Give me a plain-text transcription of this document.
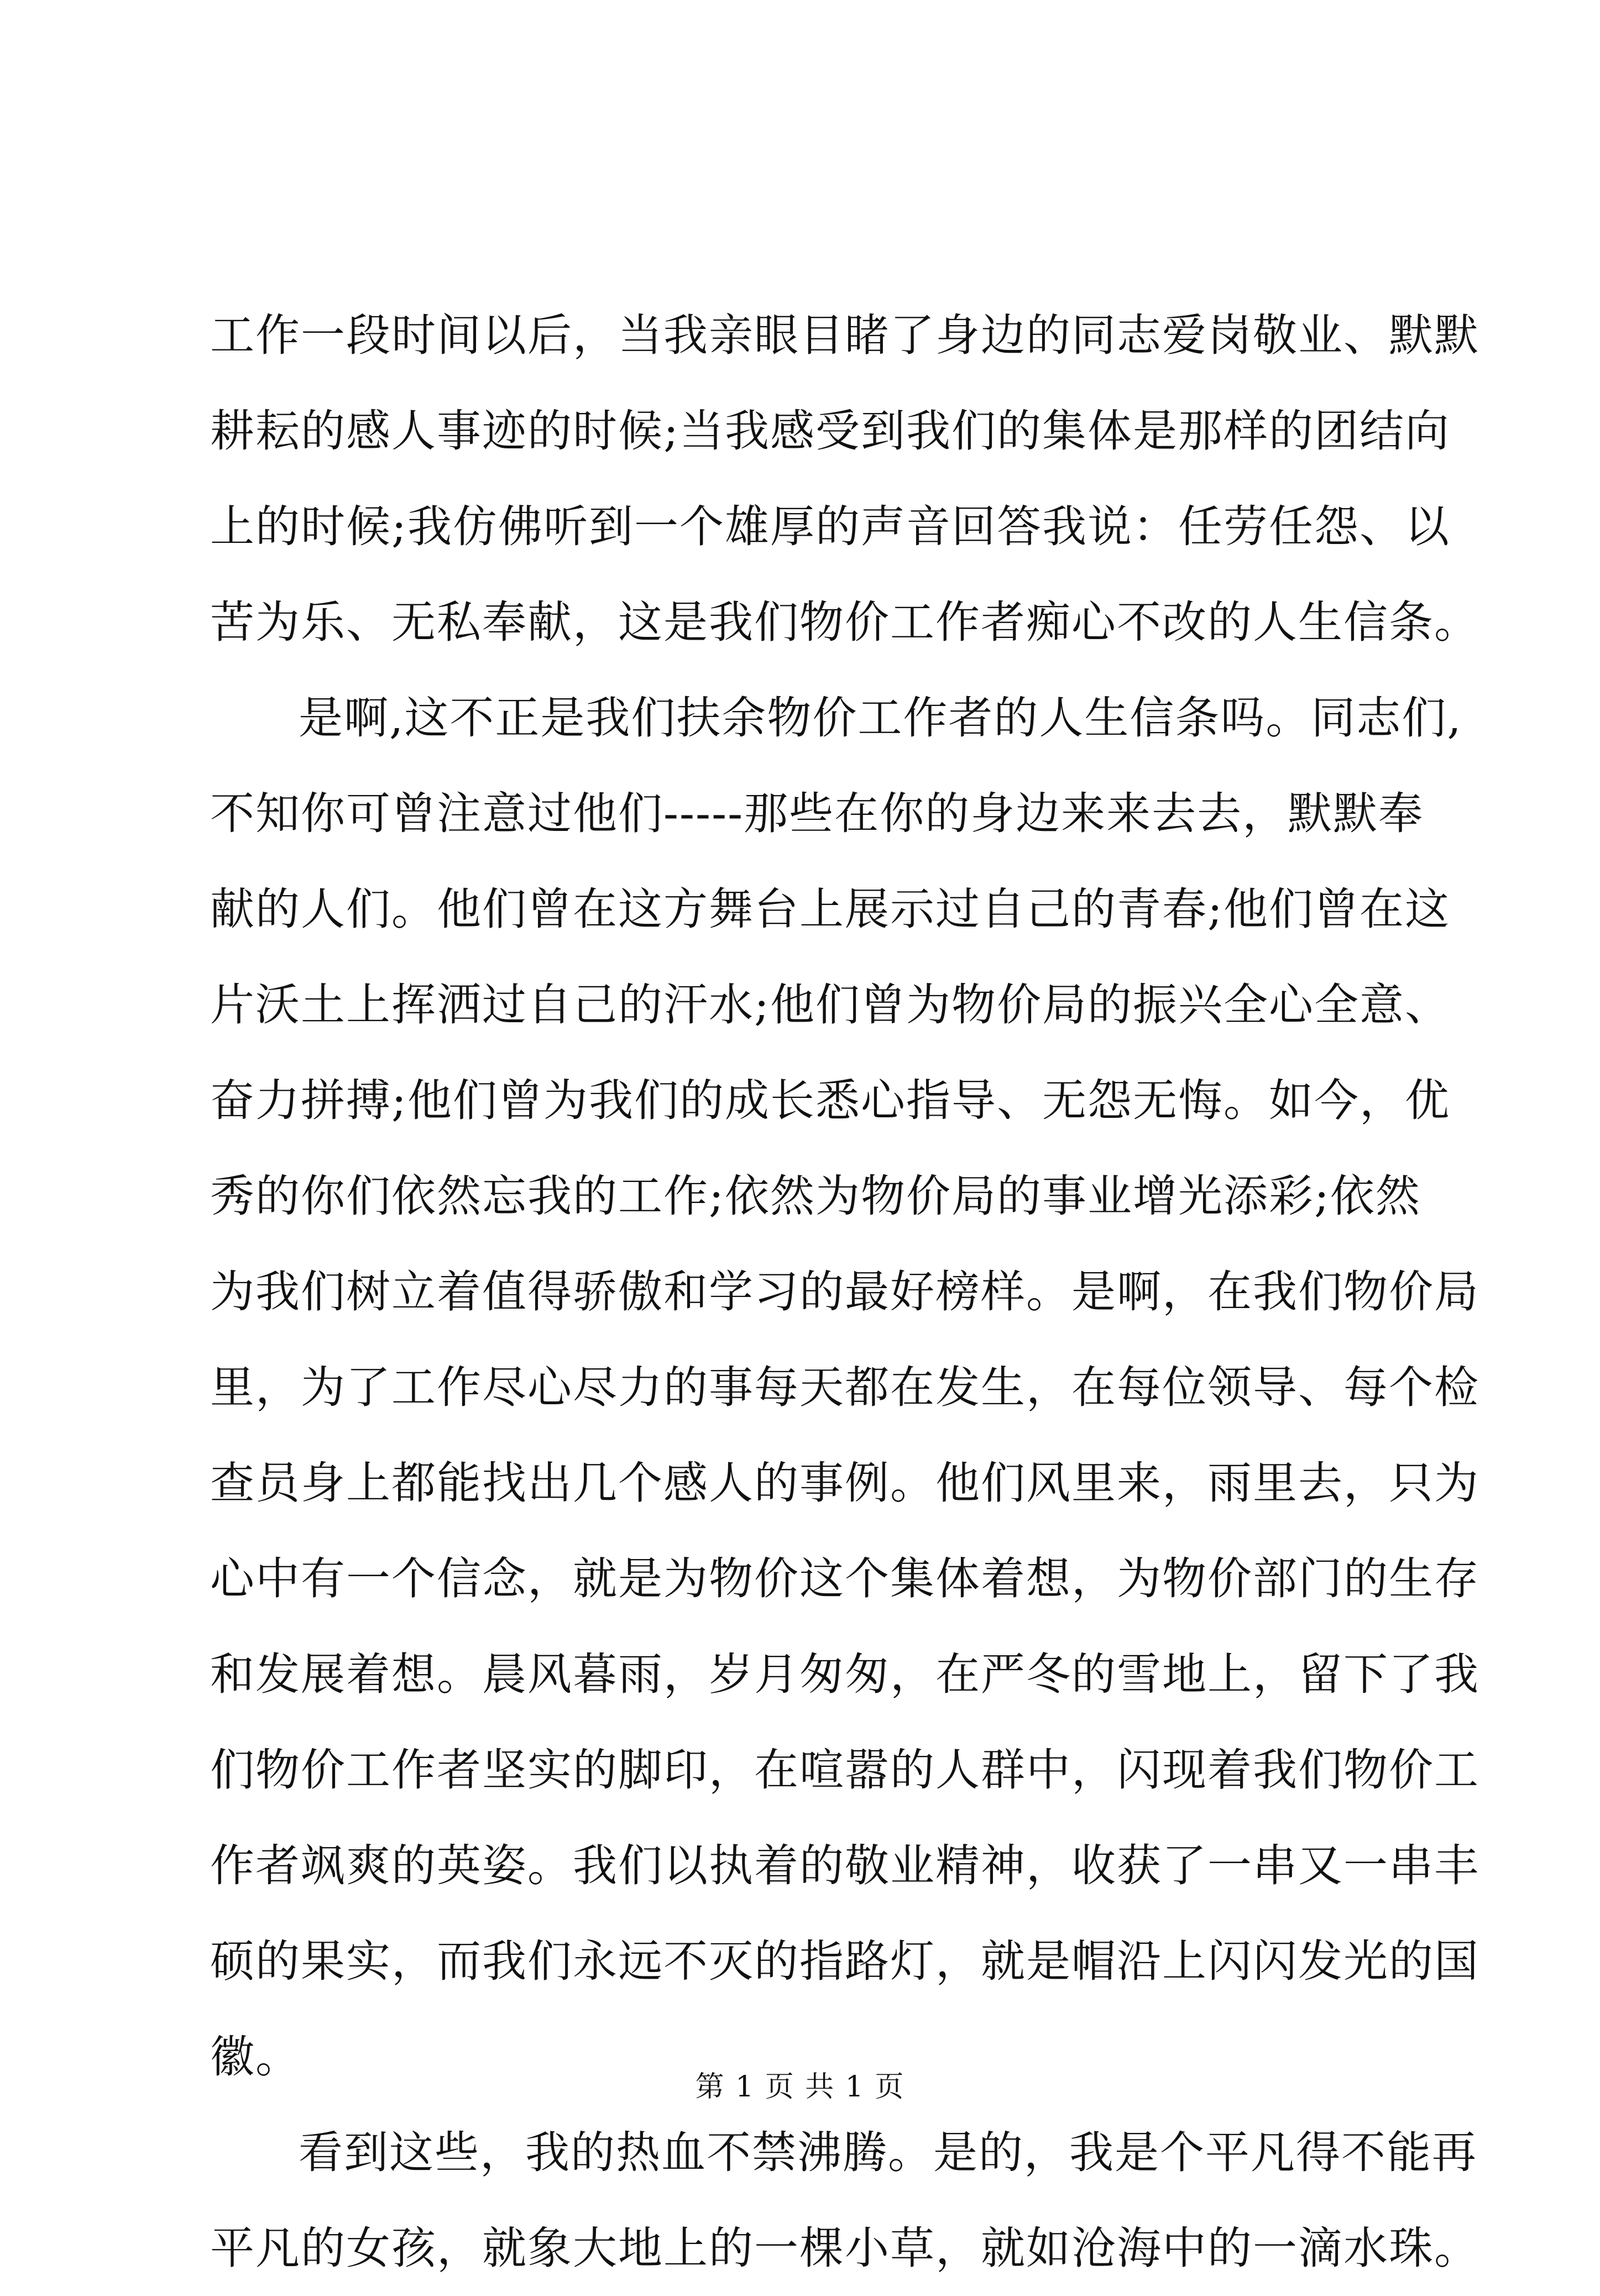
工作一段时间以后，当我亲眼目睹了身边的同志爱岗敬业、默默
耕耘的感人事迹的时候;当我感受到我们的集体是那样的团结向
上的时候;我仿佛听到一个雄厚的声音回答我说：任劳任怨、以
苦为乐、无私奉献，这是我们物价工作者痴心不改的人生信条。
是啊,这不正是我们扶余物价工作者的人生信条吗。同志们,
不知你可曾注意过他们-----那些在你的身边来来去去，默默奉
献的人们。他们曾在这方舞台上展示过自己的青春;他们曾在这
片沃土上挥洒过自己的汗水;他们曾为物价局的振兴全心全意、
奋力拼搏;他们曾为我们的成长悉心指导、无怨无悔。如今，优
秀的你们依然忘我的工作;依然为物价局的事业增光添彩;依然
为我们树立着值得骄傲和学习的最好榜样。是啊，在我们物价局
里，为了工作尽心尽力的事每天都在发生，在每位领导、每个检
查员身上都能找出几个感人的事例。他们风里来，雨里去，只为
心中有一个信念，就是为物价这个集体着想，为物价部门的生存
和发展着想。晨风暮雨，岁月匆匆，在严冬的雪地上，留下了我
们物价工作者坚实的脚印，在喧嚣的人群中，闪现着我们物价工
作者飒爽的英姿。我们以执着的敬业精神，收获了一串又一串丰
硕的果实，而我们永远不灭的指路灯，就是帽沿上闪闪发光的国
徽。
看到这些，我的热血不禁沸腾。是的，我是个平凡得不能再
平凡的女孩，就象大地上的一棵小草，就如沧海中的一滴水珠。
第 1 页 共 1 页
